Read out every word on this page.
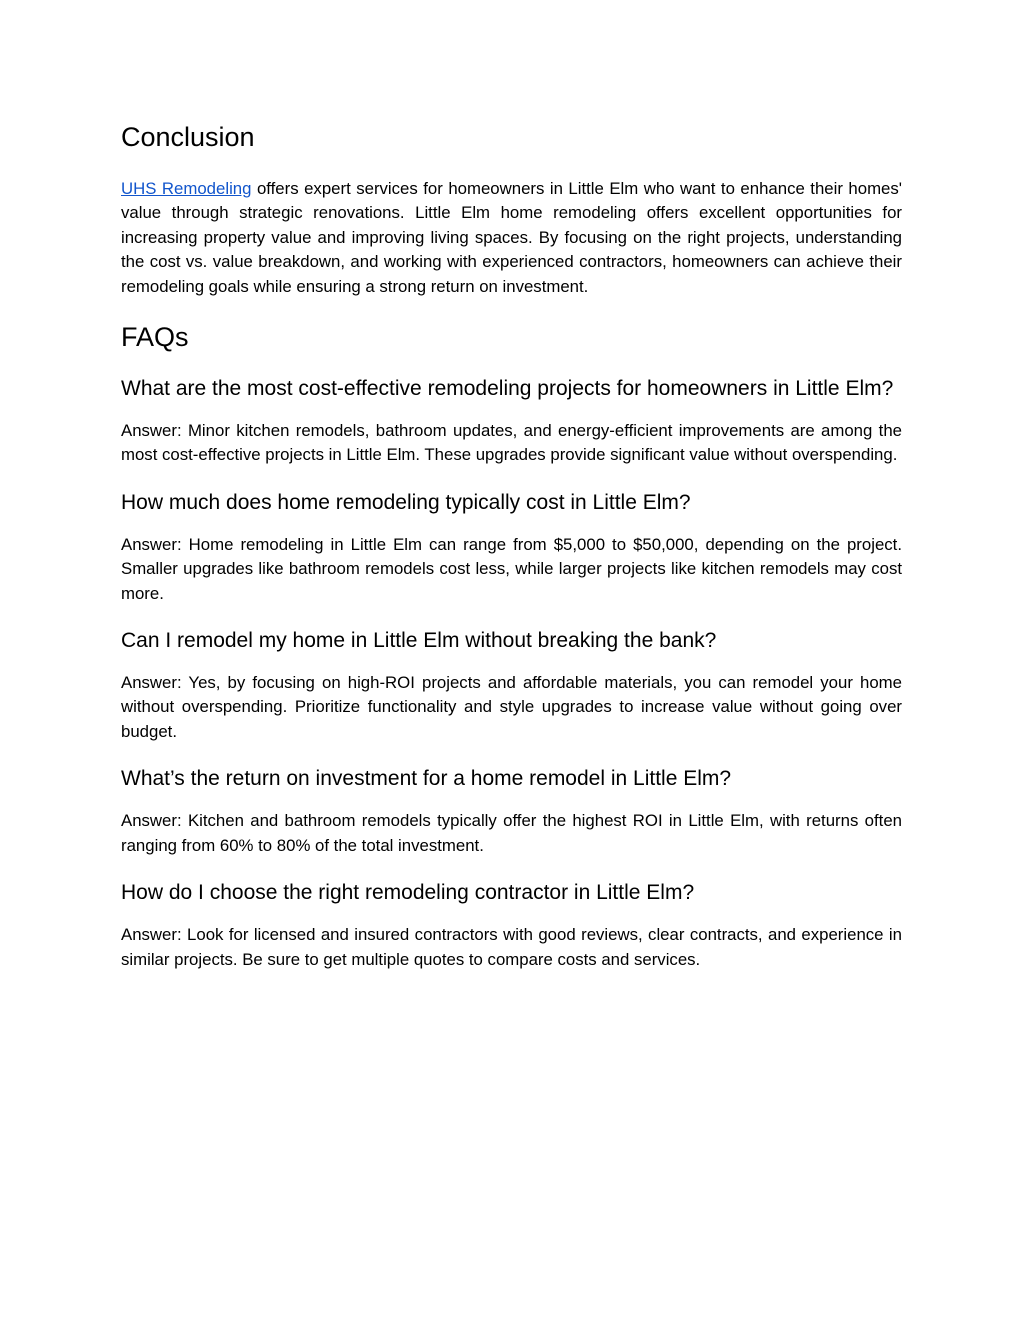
Conclusion

UHS Remodeling offers expert services for homeowners in Little Elm who want to enhance their homes' value through strategic renovations. Little Elm home remodeling offers excellent opportunities for increasing property value and improving living spaces. By focusing on the right projects, understanding the cost vs. value breakdown, and working with experienced contractors, homeowners can achieve their remodeling goals while ensuring a strong return on investment.

FAQs
What are the most cost-effective remodeling projects for homeowners in Little Elm?

Answer: Minor kitchen remodels, bathroom updates, and energy-efficient improvements are among the most cost-effective projects in Little Elm. These upgrades provide significant value without overspending.

How much does home remodeling typically cost in Little Elm?

Answer: Home remodeling in Little Elm can range from $5,000 to $50,000, depending on the project. Smaller upgrades like bathroom remodels cost less, while larger projects like kitchen remodels may cost more.

Can I remodel my home in Little Elm without breaking the bank?

Answer: Yes, by focusing on high-ROI projects and affordable materials, you can remodel your home without overspending. Prioritize functionality and style upgrades to increase value without going over budget.

What’s the return on investment for a home remodel in Little Elm?

Answer: Kitchen and bathroom remodels typically offer the highest ROI in Little Elm, with returns often ranging from 60% to 80% of the total investment.

How do I choose the right remodeling contractor in Little Elm?

Answer: Look for licensed and insured contractors with good reviews, clear contracts, and experience in similar projects. Be sure to get multiple quotes to compare costs and services.
